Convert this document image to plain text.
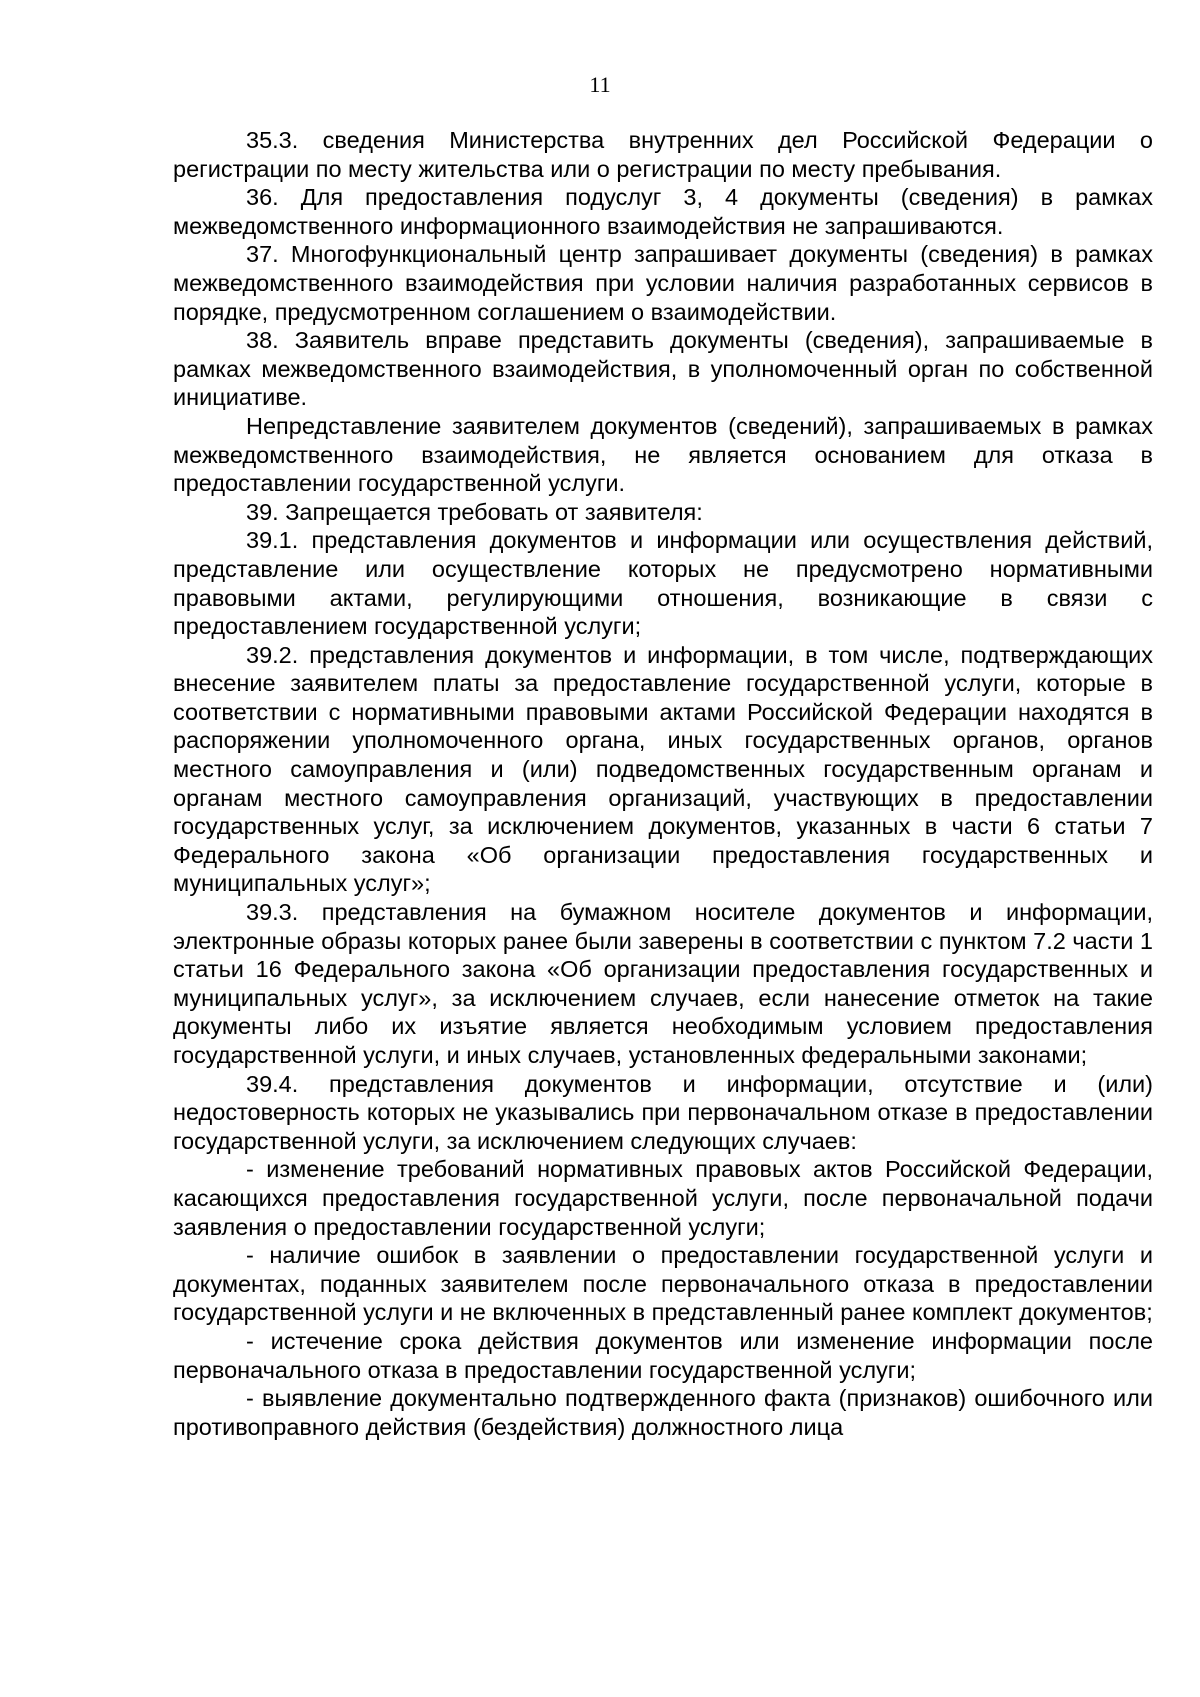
11

35.3. сведения Министерства внутренних дел Российской Федерации о регистрации по месту жительства или о регистрации по месту пребывания.

36. Для предоставления подуслуг 3, 4 документы (сведения) в рамках межведомственного информационного взаимодействия не запрашиваются.

37. Многофункциональный центр запрашивает документы (сведения) в рамках межведомственного взаимодействия при условии наличия разработанных сервисов в порядке, предусмотренном соглашением о взаимодействии.

38. Заявитель вправе представить документы (сведения), запрашиваемые в рамках межведомственного взаимодействия, в уполномоченный орган по собственной инициативе.

Непредставление заявителем документов (сведений), запрашиваемых в рамках межведомственного взаимодействия, не является основанием для отказа в предоставлении государственной услуги.

39. Запрещается требовать от заявителя:

39.1. представления документов и информации или осуществления действий, представление или осуществление которых не предусмотрено нормативными правовыми актами, регулирующими отношения, возникающие в связи с предоставлением государственной услуги;

39.2. представления документов и информации, в том числе, подтверждающих внесение заявителем платы за предоставление государственной услуги, которые в соответствии с нормативными правовыми актами Российской Федерации находятся в распоряжении уполномоченного органа, иных государственных органов, органов местного самоуправления и (или) подведомственных государственным органам и органам местного самоуправления организаций, участвующих в предоставлении государственных услуг, за исключением документов, указанных в части 6 статьи 7 Федерального закона «Об организации предоставления государственных и муниципальных услуг»;

39.3. представления на бумажном носителе документов и информации, электронные образы которых ранее были заверены в соответствии с пунктом 7.2 части 1 статьи 16 Федерального закона «Об организации предоставления государственных и муниципальных услуг», за исключением случаев, если нанесение отметок на такие документы либо их изъятие является необходимым условием предоставления государственной услуги, и иных случаев, установленных федеральными законами;

39.4. представления документов и информации, отсутствие и (или) недостоверность которых не указывались при первоначальном отказе в предоставлении государственной услуги, за исключением следующих случаев:

- изменение требований нормативных правовых актов Российской Федерации, касающихся предоставления государственной услуги, после первоначальной подачи заявления о предоставлении государственной услуги;

- наличие ошибок в заявлении о предоставлении государственной услуги и документах, поданных заявителем после первоначального отказа в предоставлении государственной услуги и не включенных в представленный ранее комплект документов;

- истечение срока действия документов или изменение информации после первоначального отказа в предоставлении государственной услуги;

- выявление документально подтвержденного факта (признаков) ошибочного или противоправного действия (бездействия) должностного лица
